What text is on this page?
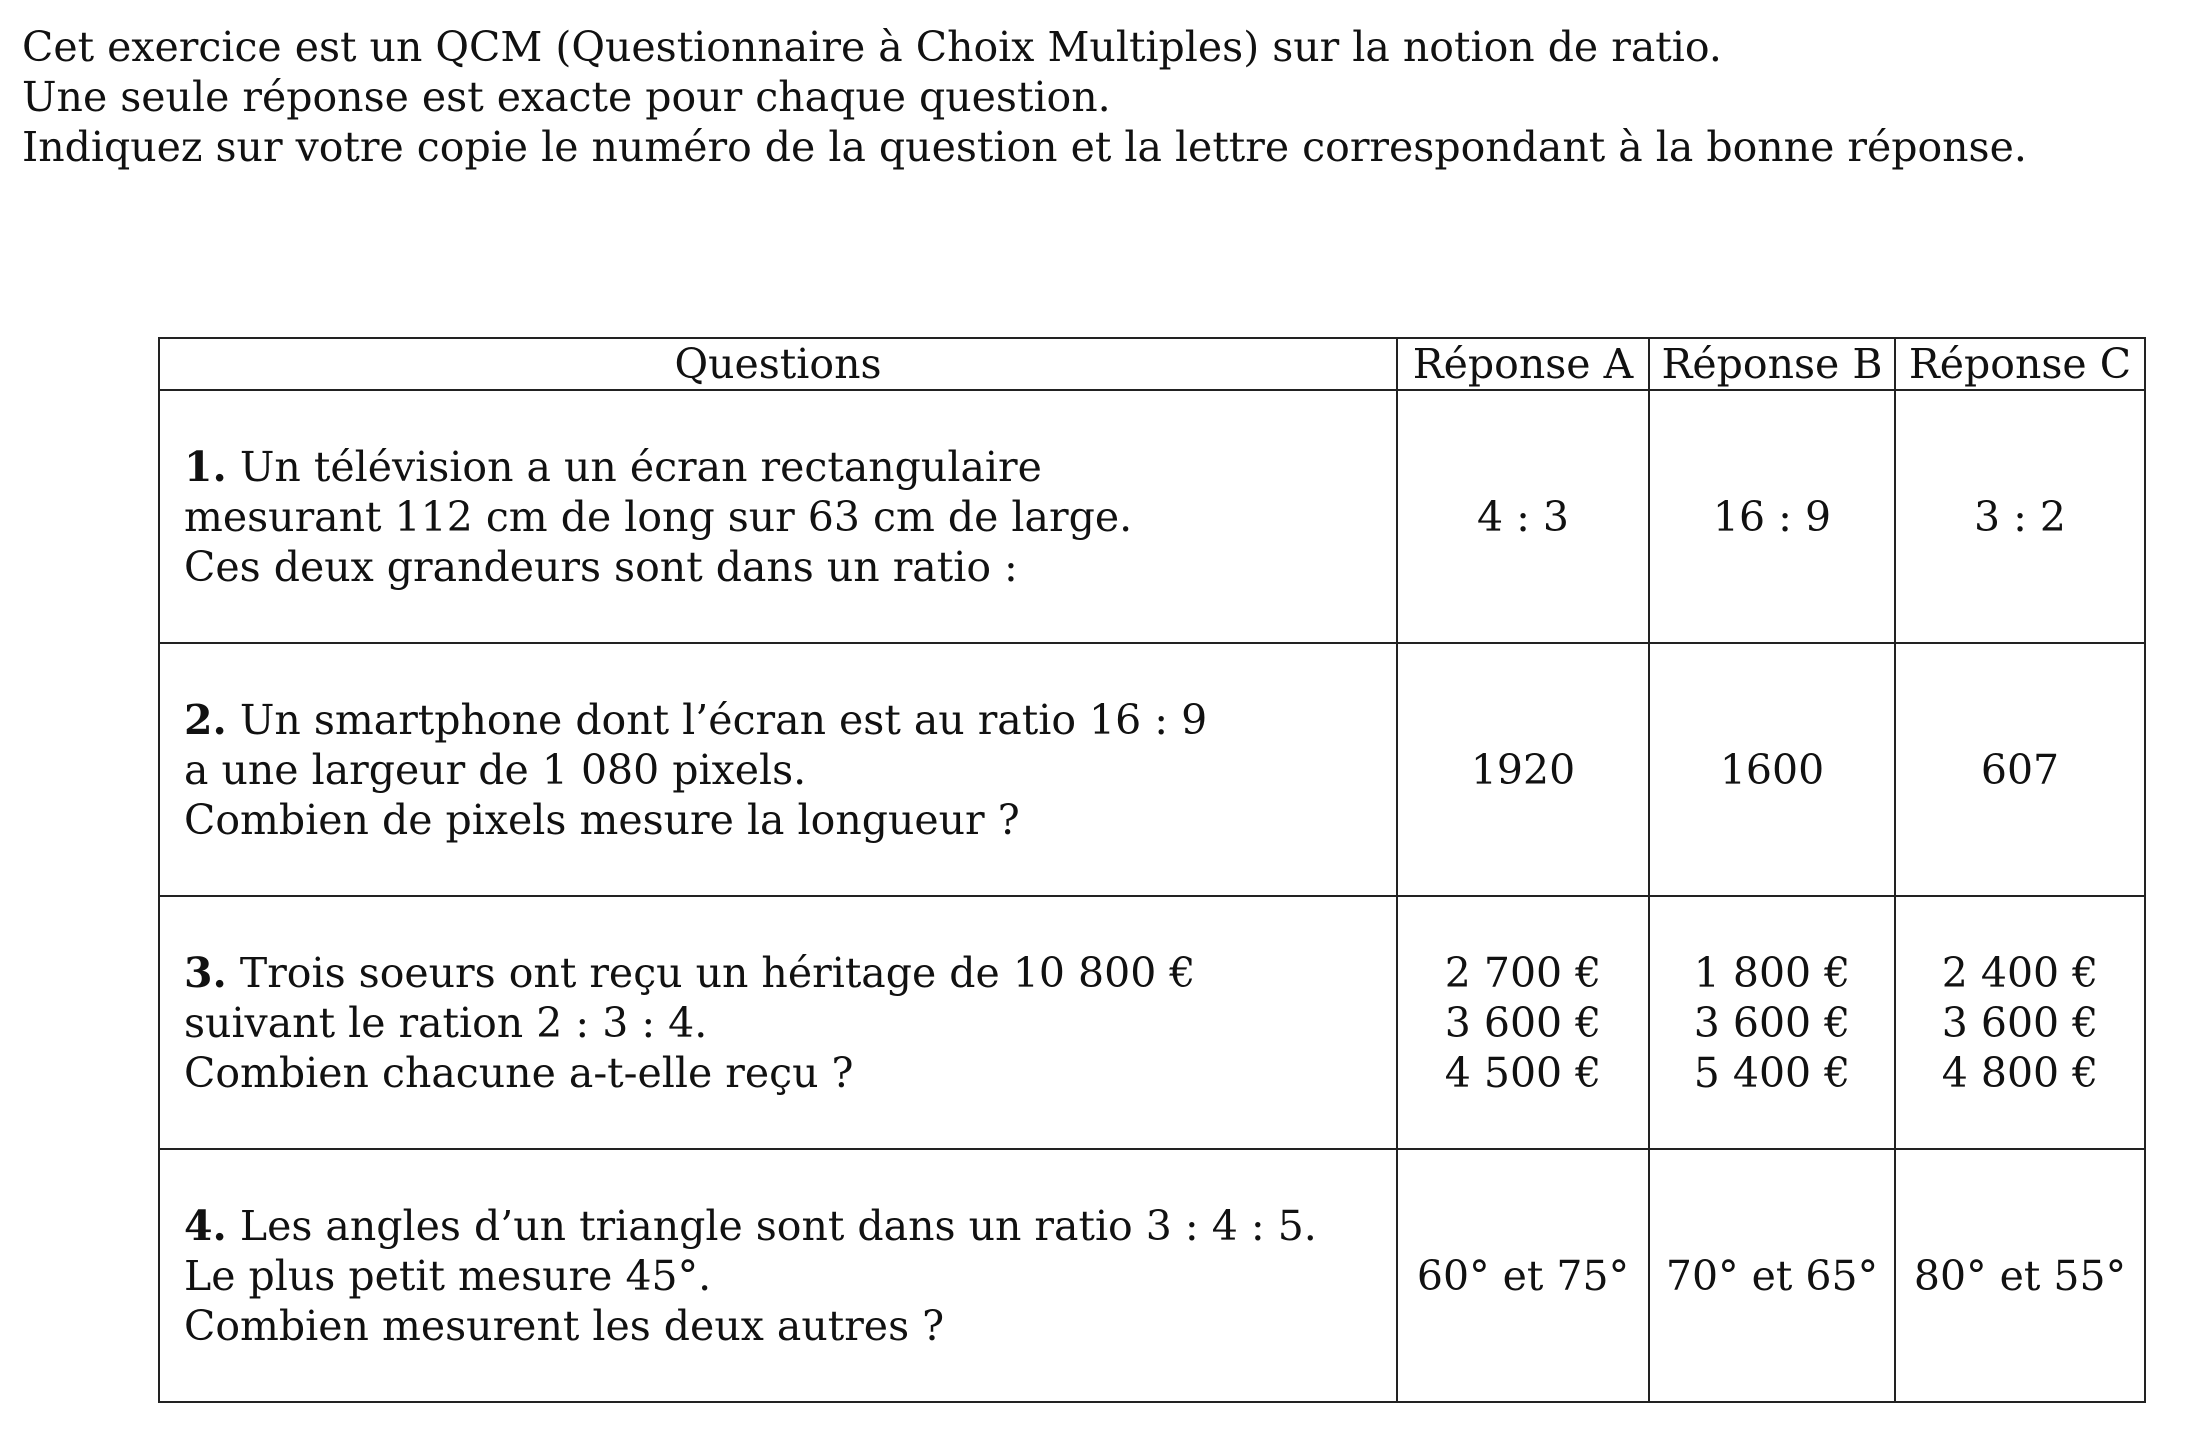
Cet exercice est un QCM (Questionnaire à Choix Multiples) sur la notion de ratio.
Une seule réponse est exacte pour chaque question.
Indiquez sur votre copie le numéro de la question et la lettre correspondant à la bonne réponse.
Questions	Réponse A	Réponse B	Réponse C

1. Un télévision a un écran rectangulaire
mesurant 112 cm de long sur 63 cm de large.
Ces deux grandeurs sont dans un ratio :	4 : 3	16 : 9	3 : 2

2. Un smartphone dont l’écran est au ratio 16 : 9
a une largeur de 1 080 pixels.
Combien de pixels mesure la longueur ?	1920	1600	607

3. Trois soeurs ont reçu un héritage de 10 800 €
suivant le ration 2 : 3 : 4.
Combien chacune a-t-elle reçu ?	2 700 €
3 600 €
4 500 €	1 800 €
3 600 €
5 400 €	2 400 €
3 600 €
4 800 €

4. Les angles d’un triangle sont dans un ratio 3 : 4 : 5.
Le plus petit mesure 45°.
Combien mesurent les deux autres ?	60° et 75°	70° et 65°	80° et 55°
